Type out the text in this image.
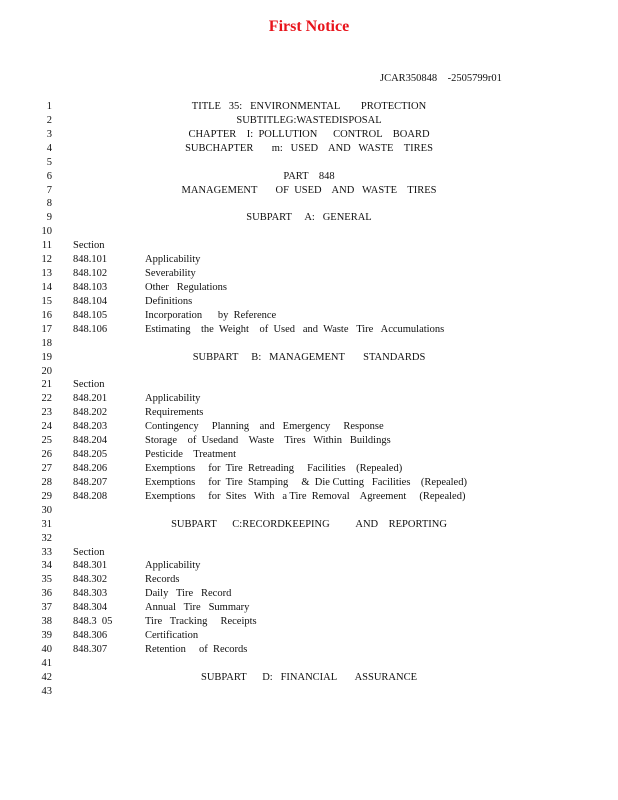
First Notice
JCAR350848    -2505799r01
1	TITLE   35:   ENVIRONMENTAL        PROTECTION
2	SUBTITLEG:WASTEDISPOSAL
3	CHAPTER    I:  POLLUTION      CONTROL    BOARD
4	SUBCHAPTER       m:   USED    AND   WASTE    TIRES
5
6	PART    848
7	MANAGEMENT       OF  USED    AND   WASTE    TIRES
8
9	SUBPART     A:   GENERAL
10
11 Section
12 848.101	Applicability
13 848.102	Severability
14 848.103	Other   Regulations
15 848.104	Definitions
16 848.105	Incorporation      by  Reference
17 848.106	Estimating    the  Weight    of  Used   and  Waste   Tire   Accumulations
18
19	SUBPART     B:   MANAGEMENT       STANDARDS
20
21 Section
22 848.201	Applicability
23 848.202	Requirements
24 848.203	Contingency     Planning    and   Emergency     Response
25 848.204	Storage    of  Usedand    Waste    Tires   Within   Buildings
26 848.205	Pesticide    Treatment
27 848.206	Exemptions     for  Tire  Retreading     Facilities    (Repealed)
28 848.207	Exemptions     for  Tire  Stamping     &  Die Cutting   Facilities    (Repealed)
29 848.208	Exemptions     for  Sites   With   a Tire  Removal    Agreement     (Repealed)
30
31	SUBPART      C:RECORDKEEPING          AND    REPORTING
32
33 Section
34 848.301	Applicability
35 848.302	Records
36 848.303	Daily   Tire   Record
37 848.304	Annual   Tire   Summary
38 848.3  05	Tire   Tracking     Receipts
39 848.306	Certification
40 848.307	Retention     of  Records
41
42	SUBPART      D:   FINANCIAL       ASSURANCE
43
